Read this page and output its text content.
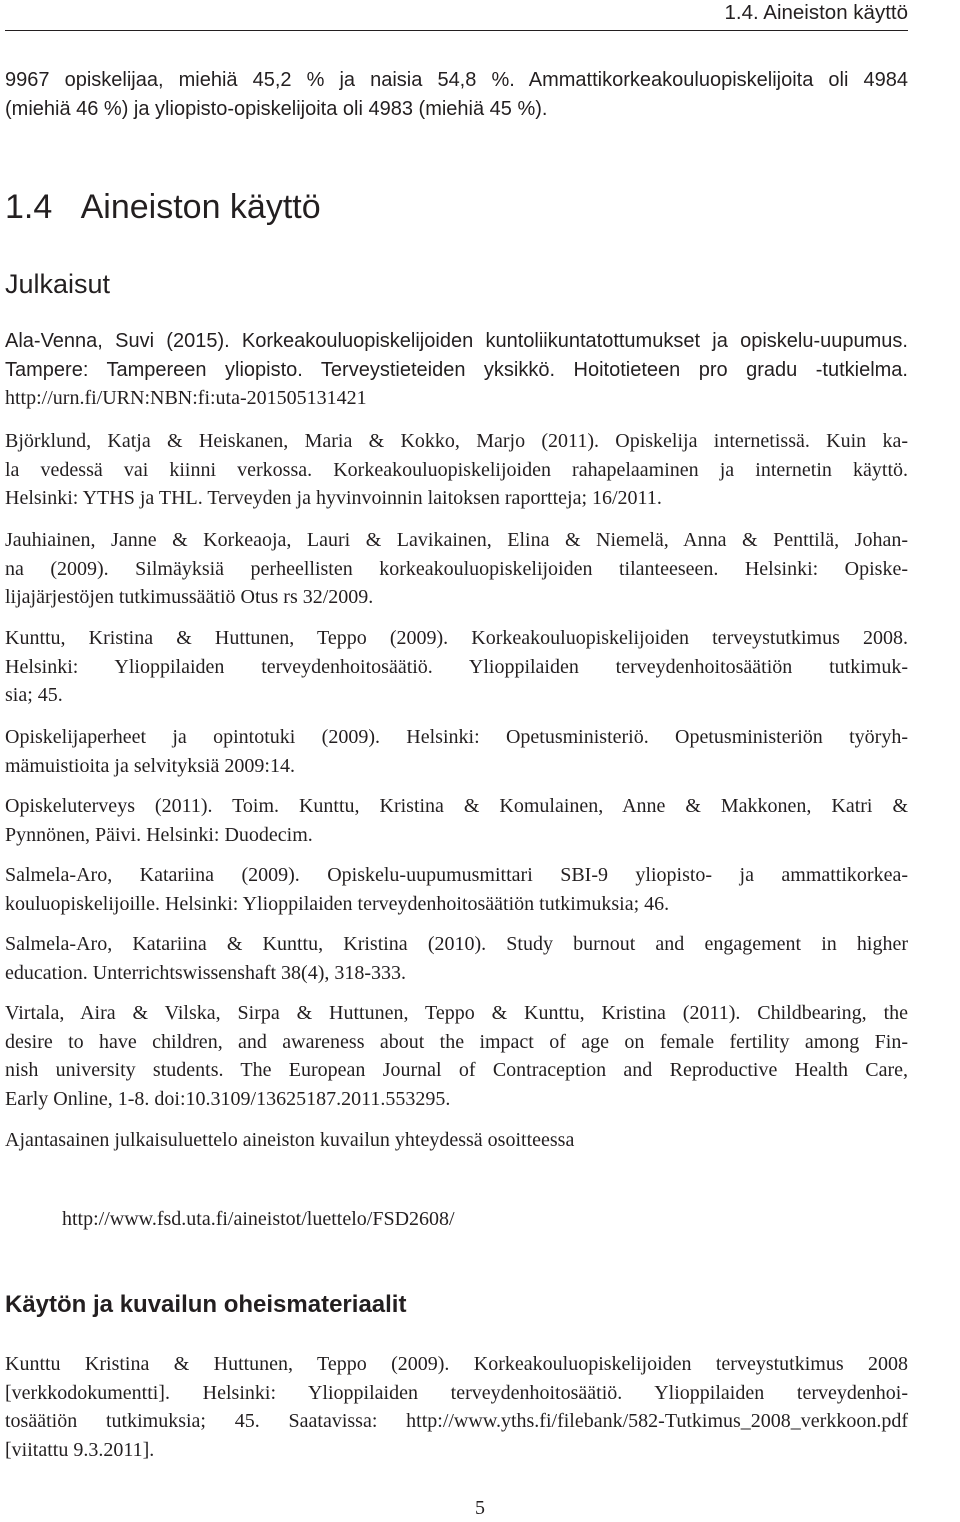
1.4. Aineiston käyttö
9967 opiskelijaa, miehiä 45,2 % ja naisia 54,8 %. Ammattikorkeakouluopiskelijoita oli 4984
(miehiä 46 %) ja yliopisto-opiskelijoita oli 4983 (miehiä 45 %).
1.4 Aineiston käyttö
Julkaisut
Ala-Venna, Suvi (2015). Korkeakouluopiskelijoiden kuntoliikuntatottumukset ja opiskelu-uupumus.
Tampere: Tampereen yliopisto. Terveystieteiden yksikkö. Hoitotieteen pro gradu -tutkielma.
http://urn.fi/URN:NBN:fi:uta-201505131421
Björklund, Katja & Heiskanen, Maria & Kokko, Marjo (2011). Opiskelija internetissä. Kuin ka-
la vedessä vai kiinni verkossa. Korkeakouluopiskelijoiden rahapelaaminen ja internetin käyttö.
Helsinki: YTHS ja THL. Terveyden ja hyvinvoinnin laitoksen raportteja; 16/2011.
Jauhiainen, Janne & Korkeaoja, Lauri & Lavikainen, Elina & Niemelä, Anna & Penttilä, Johan-
na (2009). Silmäyksiä perheellisten korkeakouluopiskelijoiden tilanteeseen. Helsinki: Opiske-
lijajärjestöjen tutkimussäätiö Otus rs 32/2009.
Kunttu, Kristina & Huttunen, Teppo (2009). Korkeakouluopiskelijoiden terveystutkimus 2008.
Helsinki: Ylioppilaiden terveydenhoitosäätiö. Ylioppilaiden terveydenhoitosäätiön tutkimuk-
sia; 45.
Opiskelijaperheet ja opintotuki (2009). Helsinki: Opetusministeriö. Opetusministeriön työryh-
mämuistioita ja selvityksiä 2009:14.
Opiskeluterveys (2011). Toim. Kunttu, Kristina & Komulainen, Anne & Makkonen, Katri &
Pynnönen, Päivi. Helsinki: Duodecim.
Salmela-Aro, Katariina (2009). Opiskelu-uupumusmittari SBI-9 yliopisto- ja ammattikorkea-
kouluopiskelijoille. Helsinki: Ylioppilaiden terveydenhoitosäätiön tutkimuksia; 46.
Salmela-Aro, Katariina & Kunttu, Kristina (2010). Study burnout and engagement in higher
education. Unterrichtswissenshaft 38(4), 318-333.
Virtala, Aira & Vilska, Sirpa & Huttunen, Teppo & Kunttu, Kristina (2011). Childbearing, the
desire to have children, and awareness about the impact of age on female fertility among Fin-
nish university students. The European Journal of Contraception and Reproductive Health Care,
Early Online, 1-8. doi:10.3109/13625187.2011.553295.
Ajantasainen julkaisuluettelo aineiston kuvailun yhteydessä osoitteessa
http://www.fsd.uta.fi/aineistot/luettelo/FSD2608/
Käytön ja kuvailun oheismateriaalit
Kunttu Kristina & Huttunen, Teppo (2009). Korkeakouluopiskelijoiden terveystutkimus 2008
[verkkodokumentti]. Helsinki: Ylioppilaiden terveydenhoitosäätiö. Ylioppilaiden terveydenhoi-
tosäätiön tutkimuksia; 45. Saatavissa: http://www.yths.fi/filebank/582-Tutkimus_2008_verkkoon.pdf
[viitattu 9.3.2011].
5
